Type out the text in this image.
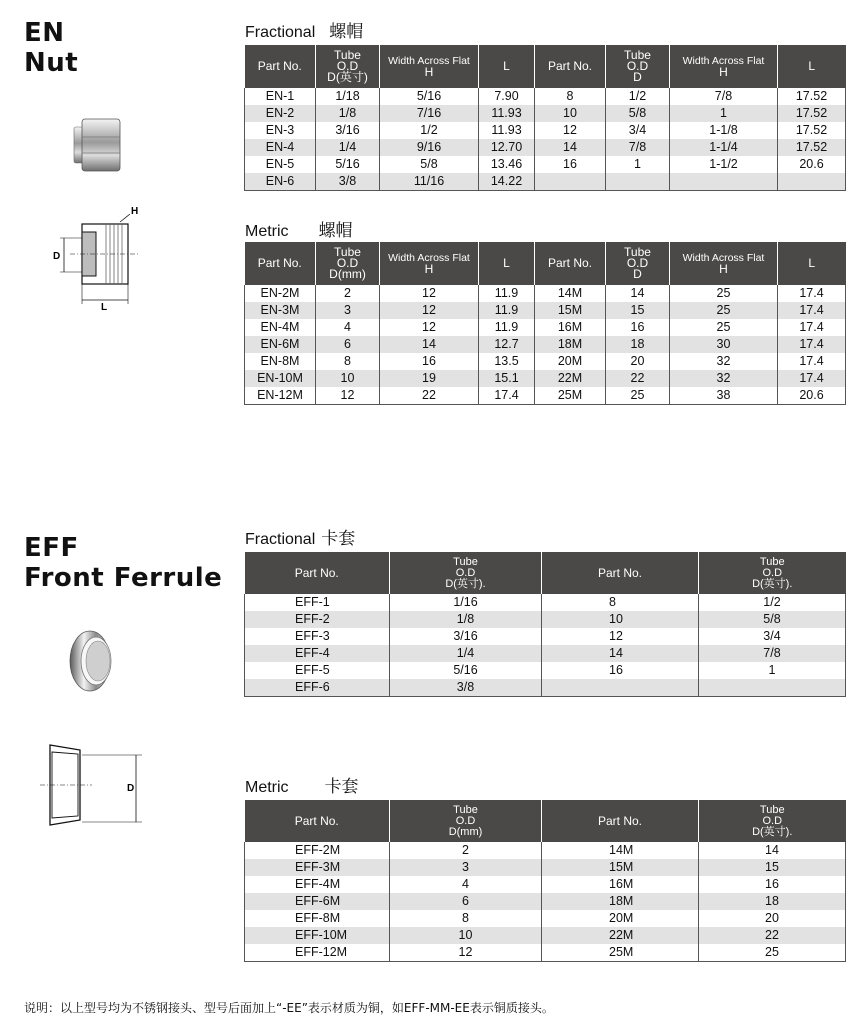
EN
Nut
H
D
L
Fractional 螺帽
Part No.	Tube
O.D
D(英寸)	Width Across Flat
H	L	Part No.	Tube
O.D
D	Width Across Flat
H	L
EN-1	1/18	5/16	7.90	8	1/2	7/8	17.52
EN-2	1/8	7/16	11.93	10	5/8	1	17.52
EN-3	3/16	1/2	11.93	12	3/4	1-1/8	17.52
EN-4	1/4	9/16	12.70	14	7/8	1-1/4	17.52
EN-5	5/16	5/8	13.46	16	1	1-1/2	20.6
EN-6	3/8	11/16	14.22				
Metric 螺帽
Part No.	Tube
O.D
D(mm)	Width Across Flat
H	L	Part No.	Tube
O.D
D	Width Across Flat
H	L
EN-2M	2	12	11.9	14M	14	25	17.4
EN-3M	3	12	11.9	15M	15	25	17.4
EN-4M	4	12	11.9	16M	16	25	17.4
EN-6M	6	14	12.7	18M	18	30	17.4
EN-8M	8	16	13.5	20M	20	32	17.4
EN-10M	10	19	15.1	22M	22	32	17.4
EN-12M	12	22	17.4	25M	25	38	20.6
EFF
Front Ferrule
D
Fractional 卡套
Part No.	Tube
O.D
D(英寸).	Part No.	Tube
O.D
D(英寸).
EFF-1	1/16	8	1/2
EFF-2	1/8	10	5/8
EFF-3	3/16	12	3/4
EFF-4	1/4	14	7/8
EFF-5	5/16	16	1
EFF-6	3/8		
Metric 卡套
Part No.	Tube
O.D
D(mm)	Part No.	Tube
O.D
D(英寸).
EFF-2M	2	14M	14
EFF-3M	3	15M	15
EFF-4M	4	16M	16
EFF-6M	6	18M	18
EFF-8M	8	20M	20
EFF-10M	10	22M	22
EFF-12M	12	25M	25
说明：以上型号均为不锈钢接头、型号后面加上“-EE”表示材质为铜，如EFF-MM-EE表示铜质接头。
